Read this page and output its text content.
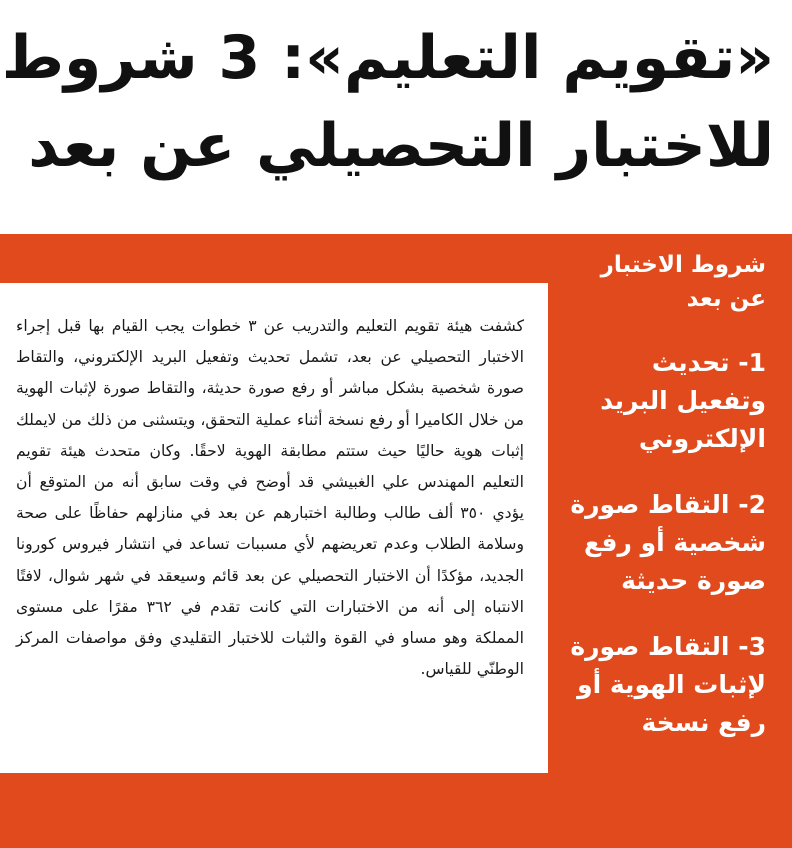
«تقويم التعليم»: 3 شروط
للاختبار التحصيلي عن بعد

كشفت هيئة تقويم التعليم والتدريب عن ٣ خطوات يجب القيام بها قبل إجراء الاختبار التحصيلي عن بعد، تشمل تحديث وتفعيل البريد الإلكتروني، والتقاط صورة شخصية بشكل مباشر أو رفع صورة حديثة، والتقاط صورة لإثبات الهوية من خلال الكاميرا أو رفع نسخة أثناء عملية التحقق، ويتسثنى من ذلك من لايملك إثبات هوية حاليًا حيث ستتم مطابقة الهوية لاحقًا. وكان متحدث هيئة تقويم التعليم المهندس علي الغبيشي قد أوضح في وقت سابق أنه من المتوقع أن يؤدي ٣٥٠ ألف طالب وطالبة اختبارهم عن بعد في منازلهم حفاظًا على صحة وسلامة الطلاب وعدم تعريضهم لأي مسببات تساعد في انتشار فيروس كورونا الجديد، مؤكدًا أن الاختبار التحصيلي عن بعد قائم وسيعقد في شهر شوال، لافتًا الانتباه إلى أنه من الاختبارات التي كانت تقدم في ٣٦٢ مقرًا على مستوى المملكة وهو مساو في القوة والثبات للاختبار التقليدي وفق مواصفات المركز الوطنّي للقياس.

شروط الاختبار عن بعد
1- تحديث وتفعيل البريد الإلكتروني
2- التقاط صورة شخصية أو رفع صورة حديثة
3- التقاط صورة لإثبات الهوية أو رفع نسخة
